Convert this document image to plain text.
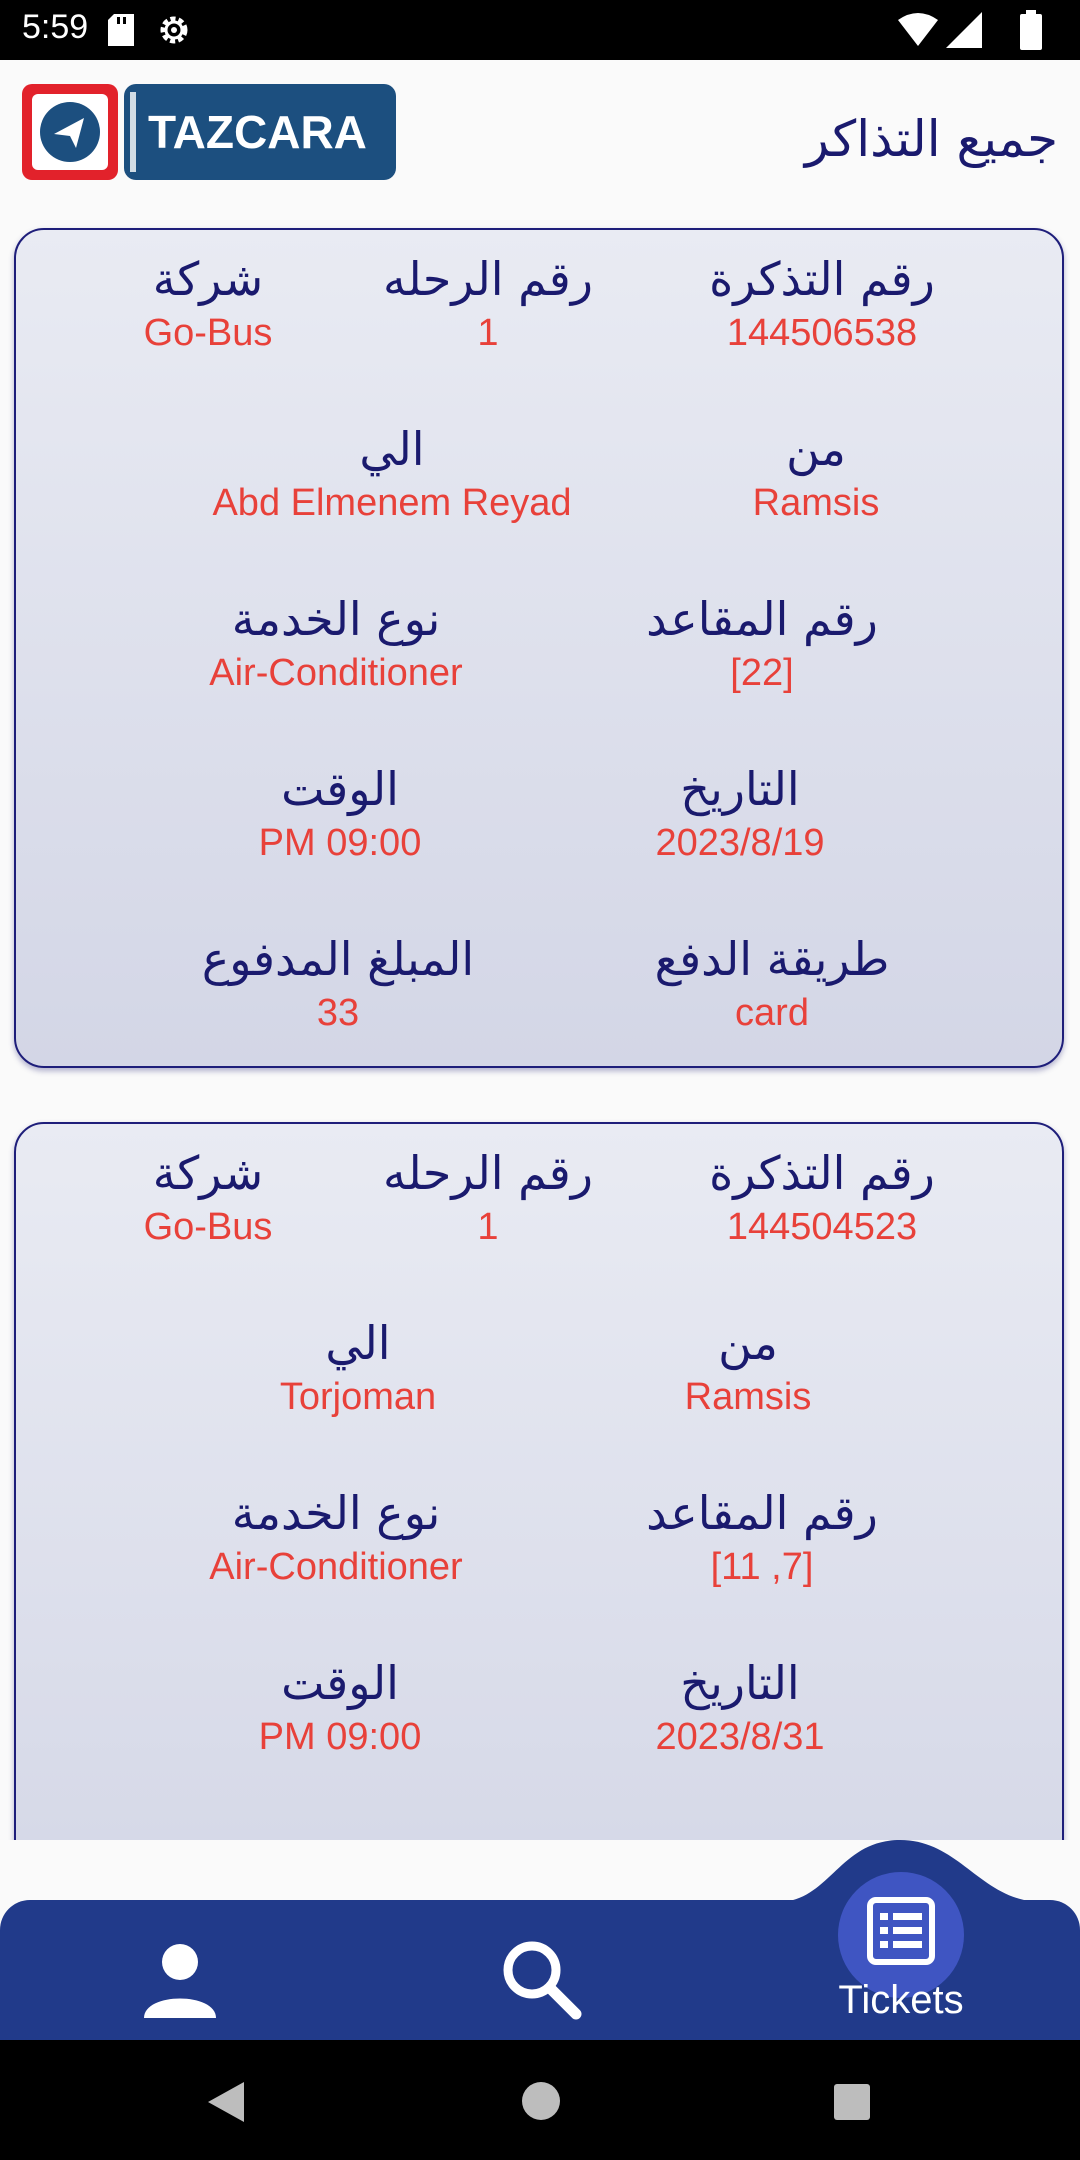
5:59
TAZCARA	جميع التذاكر
رقم التذكرة
144506538
رقم الرحله
1
شركة
Go-Bus
من
Ramsis
الي
Abd Elmenem Reyad
رقم المقاعد
[22]
نوع الخدمة
Air-Conditioner
التاريخ
2023/8/19
الوقت
PM 09:00
طريقة الدفع
card
المبلغ المدفوع
33
رقم التذكرة
144504523
رقم الرحله
1
شركة
Go-Bus
من
Ramsis
الي
Torjoman
رقم المقاعد
[11 ,7]
نوع الخدمة
Air-Conditioner
التاريخ
2023/8/31
الوقت
PM 09:00
Tickets
